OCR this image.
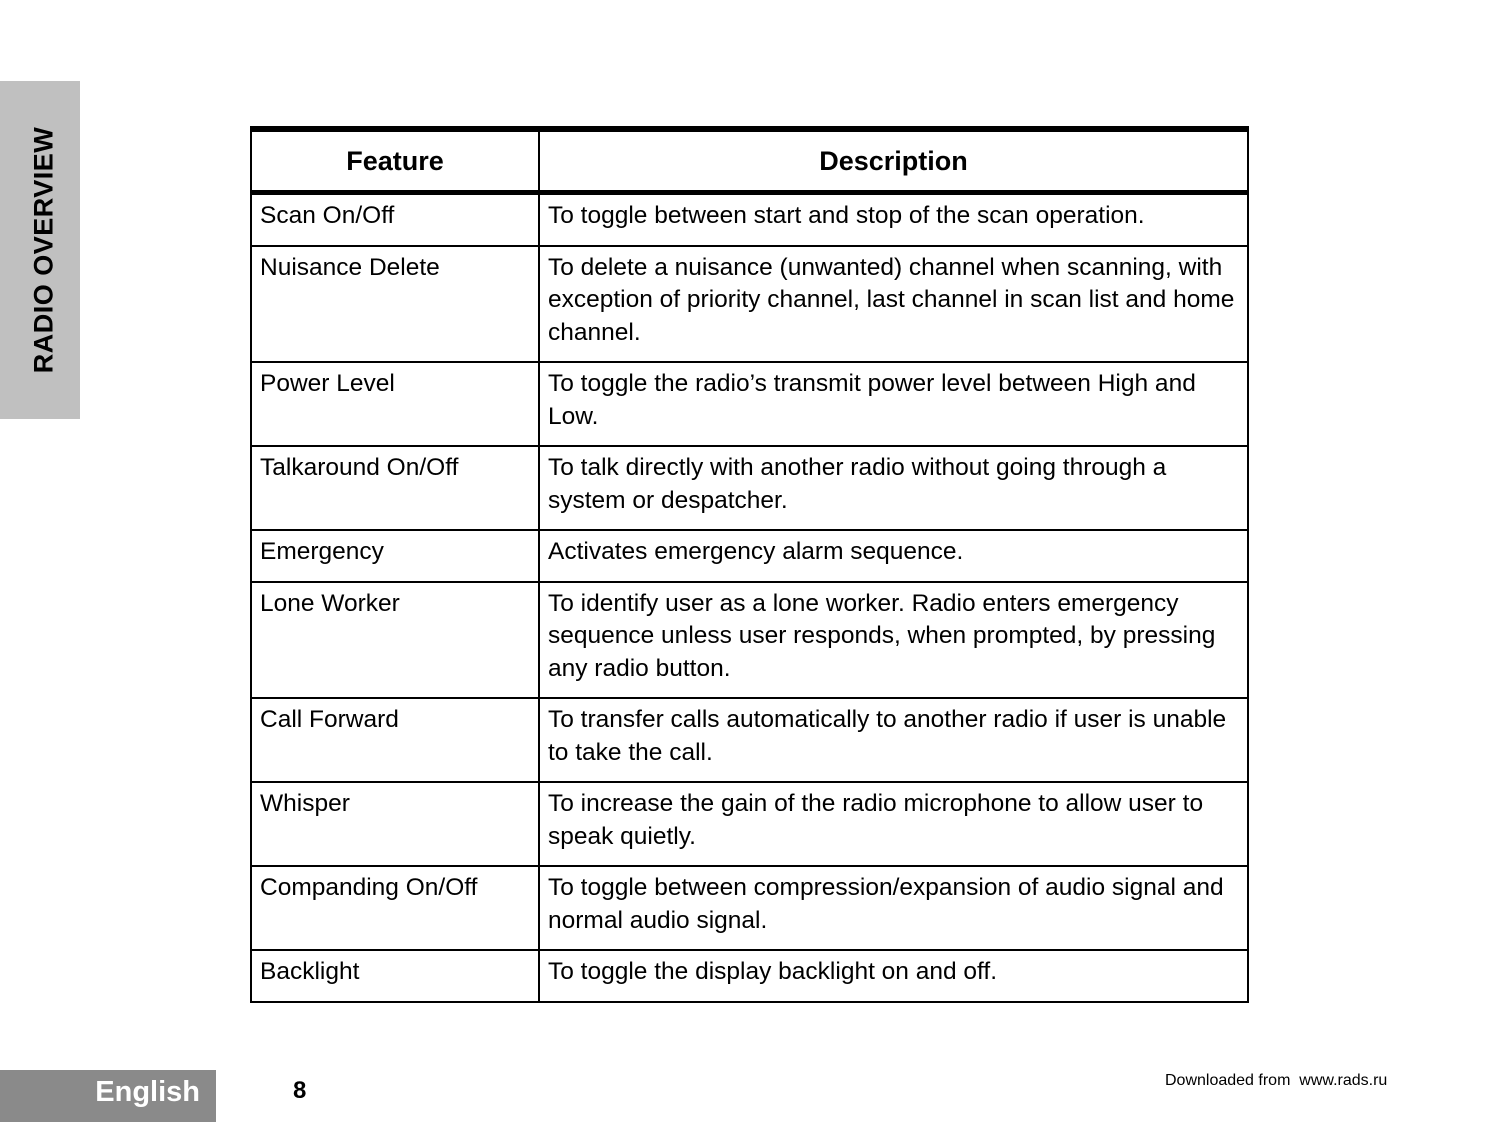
RADIO OVERVIEW	Feature	Description
Scan On/Off	To toggle between start and stop of the scan operation.
Nuisance Delete	To delete a nuisance (unwanted) channel when scanning, with exception of priority channel, last channel in scan list and home channel.
Power Level	To toggle the radio’s transmit power level between High and Low.
Talkaround On/Off	To talk directly with another radio without going through a system or despatcher.
Emergency	Activates emergency alarm sequence.
Lone Worker	To identify user as a lone worker. Radio enters emergency sequence unless user responds, when prompted, by pressing any radio button.
Call Forward	To transfer calls automatically to another radio if user is unable to take the call.
Whisper	To increase the gain of the radio microphone to allow user to speak quietly.
Companding On/Off	To toggle between compression/expansion of audio signal and normal audio signal.
Backlight	To toggle the display backlight on and off.
English	8	Downloaded from  www.rads.ru
